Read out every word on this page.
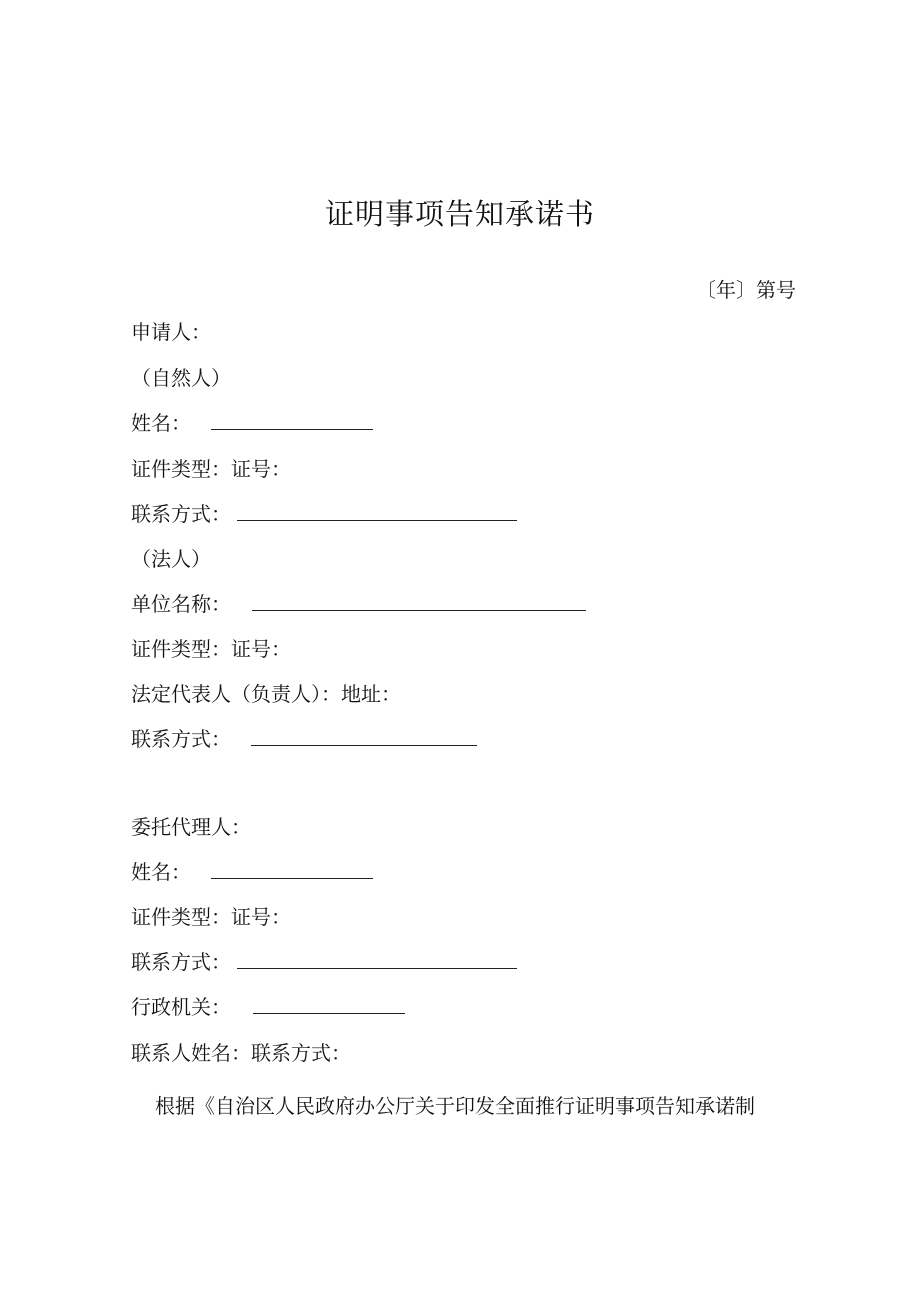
证明事项告知承诺书
〔年〕第号
申请人：
（自然人）
姓名：
证件类型：证号：
联系方式：
（法人）
单位名称：
证件类型：证号：
法定代表人（负责人）：地址：
联系方式：
委托代理人：
姓名：
证件类型：证号：
联系方式：
行政机关：
联系人姓名：联系方式：
根据《自治区人民政府办公厅关于印发全面推行证明事项告知承诺制
